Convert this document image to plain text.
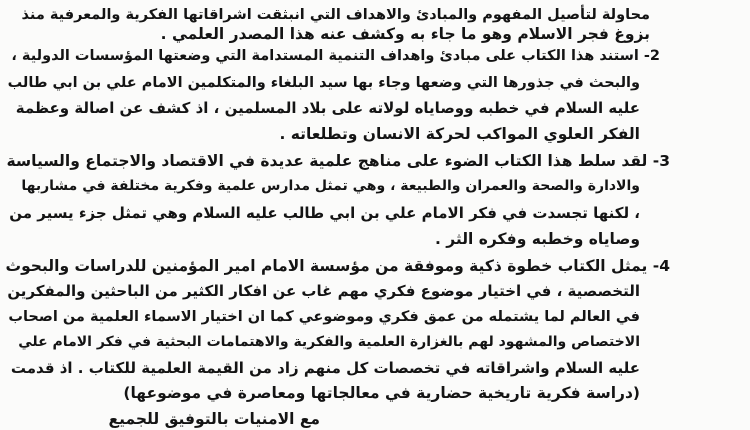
محاولة لتأصيل المفهوم والمبادئ والاهداف التي انبثقت اشراقاتها الفكرية والمعرفية منذ
بزوغ فجر الاسلام وهو ما جاء به وكشف عنه هذا المصدر العلمي .
2- استند هذا الكتاب على مبادئ واهداف التنمية المستدامة التي وضعتها المؤسسات الدولية ،
والبحث في جذورها التي وضعها وجاء بها سيد البلغاء والمتكلمين الامام علي بن ابي طالب
عليه السلام في خطبه ووصاياه لولاته على بلاد المسلمين ، اذ كشف عن اصالة وعظمة
الفكر العلوي المواكب لحركة الانسان وتطلعاته .
3- لقد سلط هذا الكتاب الضوء على مناهج علمية عديدة في الاقتصاد والاجتماع والسياسة
والادارة والصحة والعمران والطبيعة ، وهي تمثل مدارس علمية وفكرية مختلفة في مشاربها
، لكنها تجسدت في فكر الامام علي بن ابي طالب عليه السلام وهي تمثل جزء يسير من
وصاياه وخطبه وفكره الثر .
4- يمثل الكتاب خطوة ذكية وموفقة من مؤسسة الامام امير المؤمنين للدراسات والبحوث
التخصصية ، في اختيار موضوع فكري مهم غاب عن افكار الكثير من الباحثين والمفكرين
في العالم لما يشتمله من عمق فكري وموضوعي كما ان اختيار الاسماء العلمية من اصحاب
الاختصاص والمشهود لهم بالغزارة العلمية والفكرية والاهتمامات البحثية في فكر الامام علي
عليه السلام واشراقاته في تخصصات كل منهم زاد من القيمة العلمية للكتاب . اذ قدمت
(دراسة فكرية تاريخية حضارية في معالجاتها ومعاصرة في موضوعها)
مع الامنيات بالتوفيق للجميع
